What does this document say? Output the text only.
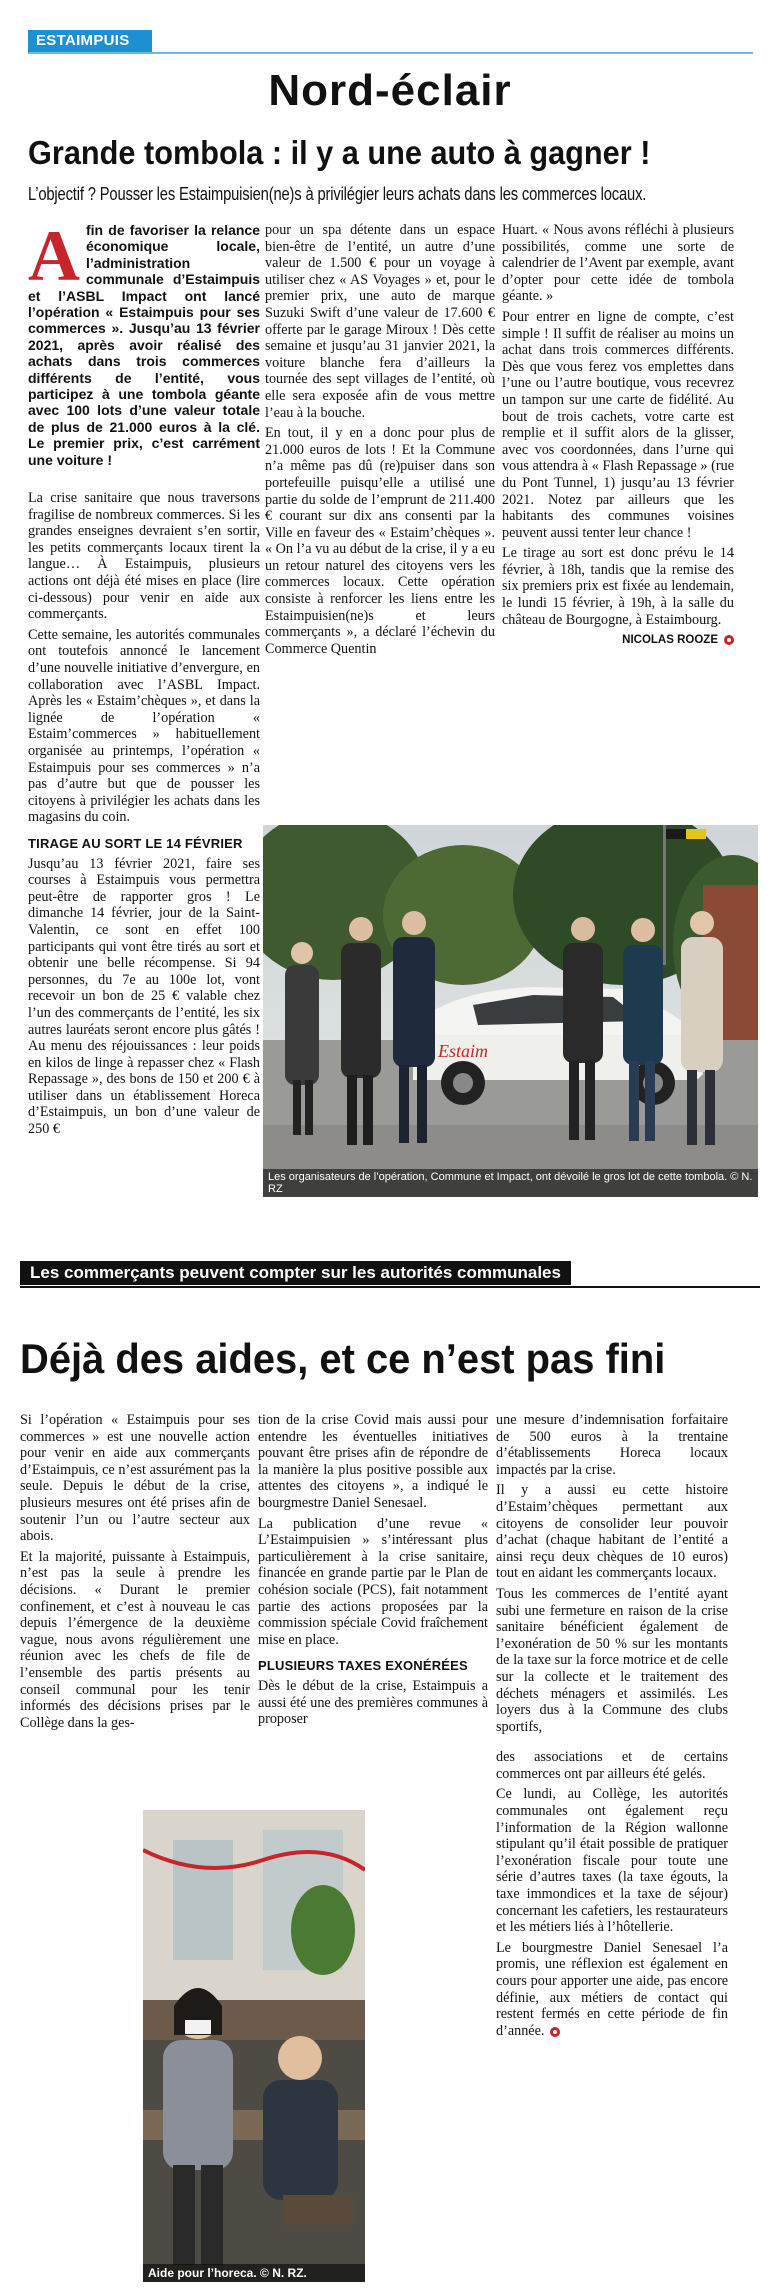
ESTAIMPUIS
Nord-éclair
Grande tombola : il y a une auto à gagner !
L’objectif ? Pousser les Estaimpuisien(ne)s à privilégier leurs achats dans les commerces locaux.
Afin de favoriser la relance économique locale, l’administration communale d’Estaimpuis et l’ASBL Impact ont lancé l’opération « Estaimpuis pour ses commerces ». Jusqu’au 13 février 2021, après avoir réalisé des achats dans trois commerces différents de l’entité, vous participez à une tombola géante avec 100 lots d’une valeur totale de plus de 21.000 euros à la clé. Le premier prix, c’est carrément une voiture !

La crise sanitaire que nous traversons fragilise de nombreux commerces. Si les grandes enseignes devraient s’en sortir, les petits commerçants locaux tirent la langue… À Estaimpuis, plusieurs actions ont déjà été mises en place (lire ci-dessous) pour venir en aide aux commerçants.

Cette semaine, les autorités communales ont toutefois annoncé le lancement d’une nouvelle initiative d’envergure, en collaboration avec l’ASBL Impact. Après les « Estaim’chèques », et dans la lignée de l’opération « Estaim’commerces » habituellement organisée au printemps, l’opération « Estaimpuis pour ses commerces » n’a pas d’autre but que de pousser les citoyens à privilégier les achats dans les magasins du coin.

TIRAGE AU SORT LE 14 FÉVRIER

Jusqu’au 13 février 2021, faire ses courses à Estaimpuis vous permettra peut-être de rapporter gros ! Le dimanche 14 février, jour de la Saint-Valentin, ce sont en effet 100 participants qui vont être tirés au sort et obtenir une belle récompense. Si 94 personnes, du 7e au 100e lot, vont recevoir un bon de 25 € valable chez l’un des commerçants de l’entité, les six autres lauréats seront encore plus gâtés ! Au menu des réjouissances : leur poids en kilos de linge à repasser chez « Flash Repassage », des bons de 150 et 200 € à utiliser dans un établissement Horeca d’Estaimpuis, un bon d’une valeur de 250 €

pour un spa détente dans un espace bien-être de l’entité, un autre d’une valeur de 1.500 € pour un voyage à utiliser chez « AS Voyages » et, pour le premier prix, une auto de marque Suzuki Swift d’une valeur de 17.600 € offerte par le garage Miroux ! Dès cette semaine et jusqu’au 31 janvier 2021, la voiture blanche fera d’ailleurs la tournée des sept villages de l’entité, où elle sera exposée afin de vous mettre l’eau à la bouche.

En tout, il y en a donc pour plus de 21.000 euros de lots ! Et la Commune n’a même pas dû (re)puiser dans son portefeuille puisqu’elle a utilisé une partie du solde de l’emprunt de 211.400 € courant sur dix ans consenti par la Ville en faveur des « Estaim’chèques ». « On l’a vu au début de la crise, il y a eu un retour naturel des citoyens vers les commerces locaux. Cette opération consiste à renforcer les liens entre les Estaimpuisien(ne)s et leurs commerçants », a déclaré l’échevin du Commerce Quentin

Huart. « Nous avons réfléchi à plusieurs possibilités, comme une sorte de calendrier de l’Avent par exemple, avant d’opter pour cette idée de tombola géante. »

Pour entrer en ligne de compte, c’est simple ! Il suffit de réaliser au moins un achat dans trois commerces différents. Dès que vous ferez vos emplettes dans l’une ou l’autre boutique, vous recevrez un tampon sur une carte de fidélité. Au bout de trois cachets, votre carte est remplie et il suffit alors de la glisser, avec vos coordonnées, dans l’urne qui vous attendra à « Flash Repassage » (rue du Pont Tunnel, 1) jusqu’au 13 février 2021. Notez par ailleurs que les habitants des communes voisines peuvent aussi tenter leur chance !

Le tirage au sort est donc prévu le 14 février, à 18h, tandis que la remise des six premiers prix est fixée au lendemain, le lundi 15 février, à 19h, à la salle du château de Bourgogne, à Estaimbourg.

NICOLAS ROOZE
Estaim
Les organisateurs de l’opération, Commune et Impact, ont dévoilé le gros lot de cette tombola. © N. RZ
Les commerçants peuvent compter sur les autorités communales
Déjà des aides, et ce n’est pas fini

Si l’opération « Estaimpuis pour ses commerces » est une nouvelle action pour venir en aide aux commerçants d’Estaimpuis, ce n’est assurément pas la seule. Depuis le début de la crise, plusieurs mesures ont été prises afin de soutenir l’un ou l’autre secteur aux abois.

Et la majorité, puissante à Estaimpuis, n’est pas la seule à prendre les décisions. « Durant le premier confinement, et c’est à nouveau le cas depuis l’émergence de la deuxième vague, nous avons régulièrement une réunion avec les chefs de file de l’ensemble des partis présents au conseil communal pour les tenir informés des décisions prises par le Collège dans la ges-

tion de la crise Covid mais aussi pour entendre les éventuelles initiatives pouvant être prises afin de répondre de la manière la plus positive possible aux attentes des citoyens », a indiqué le bourgmestre Daniel Senesael.

La publication d’une revue « L’Estaimpuisien » s’intéressant plus particulièrement à la crise sanitaire, financée en grande partie par le Plan de cohésion sociale (PCS), fait notamment partie des actions proposées par la commission spéciale Covid fraîchement mise en place.

PLUSIEURS TAXES EXONÉRÉES

Dès le début de la crise, Estaimpuis a aussi été une des premières communes à proposer

une mesure d’indemnisation forfaitaire de 500 euros à la trentaine d’établissements Horeca locaux impactés par la crise.

Il y a aussi eu cette histoire d’Estaim’chèques permettant aux citoyens de consolider leur pouvoir d’achat (chaque habitant de l’entité a ainsi reçu deux chèques de 10 euros) tout en aidant les commerçants locaux.

Tous les commerces de l’entité ayant subi une fermeture en raison de la crise sanitaire bénéficient également de l’exonération de 50 % sur les montants de la taxe sur la force motrice et de celle sur la collecte et le traitement des déchets ménagers et assimilés. Les loyers dus à la Commune des clubs sportifs,

des associations et de certains commerces ont par ailleurs été gelés.

Ce lundi, au Collège, les autorités communales ont également reçu l’information de la Région wallonne stipulant qu’il était possible de pratiquer l’exonération fiscale pour toute une série d’autres taxes (la taxe égouts, la taxe immondices et la taxe de séjour) concernant les cafetiers, les restaurateurs et les métiers liés à l’hôtellerie.

Le bourgmestre Daniel Senesael l’a promis, une réflexion est également en cours pour apporter une aide, pas encore définie, aux métiers de contact qui restent fermés en cette période de fin d’année.

Aide pour l’horeca. © N. RZ.
